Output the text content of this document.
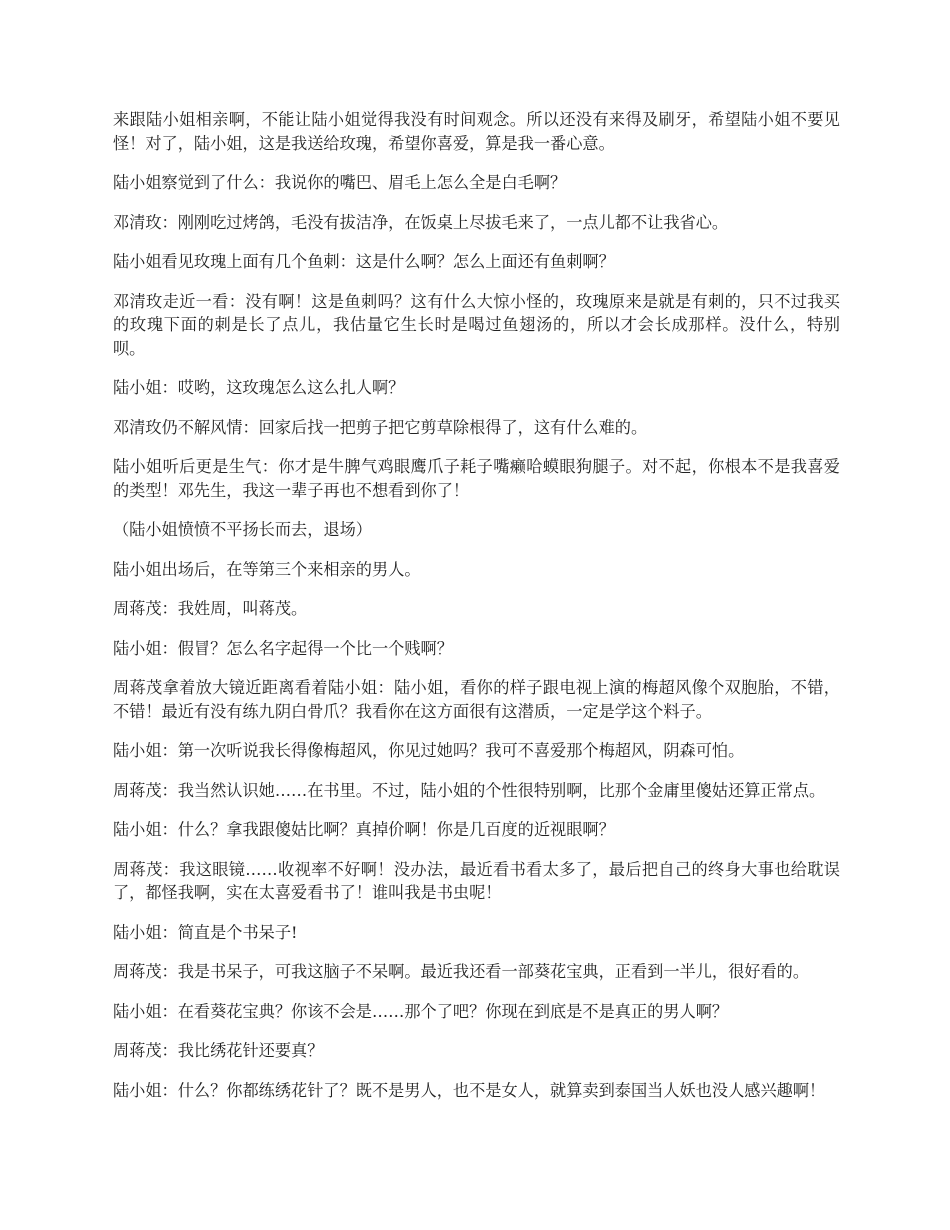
来跟陆小姐相亲啊，不能让陆小姐觉得我没有时间观念。所以还没有来得及刷牙，希望陆小姐不要见怪！对了，陆小姐，这是我送给玫瑰，希望你喜爱，算是我一番心意。

陆小姐察觉到了什么：我说你的嘴巴、眉毛上怎么全是白毛啊？

邓清玫：刚刚吃过烤鸽，毛没有拔洁净，在饭桌上尽拔毛来了，一点儿都不让我省心。

陆小姐看见玫瑰上面有几个鱼刺：这是什么啊？怎么上面还有鱼刺啊？

邓清玫走近一看：没有啊！这是鱼刺吗？这有什么大惊小怪的，玫瑰原来是就是有刺的，只不过我买的玫瑰下面的刺是长了点儿，我估量它生长时是喝过鱼翅汤的，所以才会长成那样。没什么，特别呗。

陆小姐：哎哟，这玫瑰怎么这么扎人啊？

邓清玫仍不解风情：回家后找一把剪子把它剪草除根得了，这有什么难的。

陆小姐听后更是生气：你才是牛脾气鸡眼鹰爪子耗子嘴癞哈蟆眼狗腿子。对不起，你根本不是我喜爱的类型！邓先生，我这一辈子再也不想看到你了！

（陆小姐愤愤不平扬长而去，退场）

陆小姐出场后，在等第三个来相亲的男人。

周蒋茂：我姓周，叫蒋茂。

陆小姐：假冒？怎么名字起得一个比一个贱啊？

周蒋茂拿着放大镜近距离看着陆小姐：陆小姐，看你的样子跟电视上演的梅超风像个双胞胎，不错，不错！最近有没有练九阴白骨爪？我看你在这方面很有这潜质，一定是学这个料子。

陆小姐：第一次听说我长得像梅超风，你见过她吗？我可不喜爱那个梅超风，阴森可怕。

周蒋茂：我当然认识她……在书里。不过，陆小姐的个性很特别啊，比那个金庸里傻姑还算正常点。

陆小姐：什么？拿我跟傻姑比啊？真掉价啊！你是几百度的近视眼啊？

周蒋茂：我这眼镜……收视率不好啊！没办法，最近看书看太多了，最后把自己的终身大事也给耽误了，都怪我啊，实在太喜爱看书了！谁叫我是书虫呢！

陆小姐：简直是个书呆子!

周蒋茂：我是书呆子，可我这脑子不呆啊。最近我还看一部葵花宝典，正看到一半儿，很好看的。

陆小姐：在看葵花宝典？你该不会是……那个了吧？你现在到底是不是真正的男人啊？

周蒋茂：我比绣花针还要真？

陆小姐：什么？你都练绣花针了？既不是男人，也不是女人，就算卖到泰国当人妖也没人感兴趣啊！
